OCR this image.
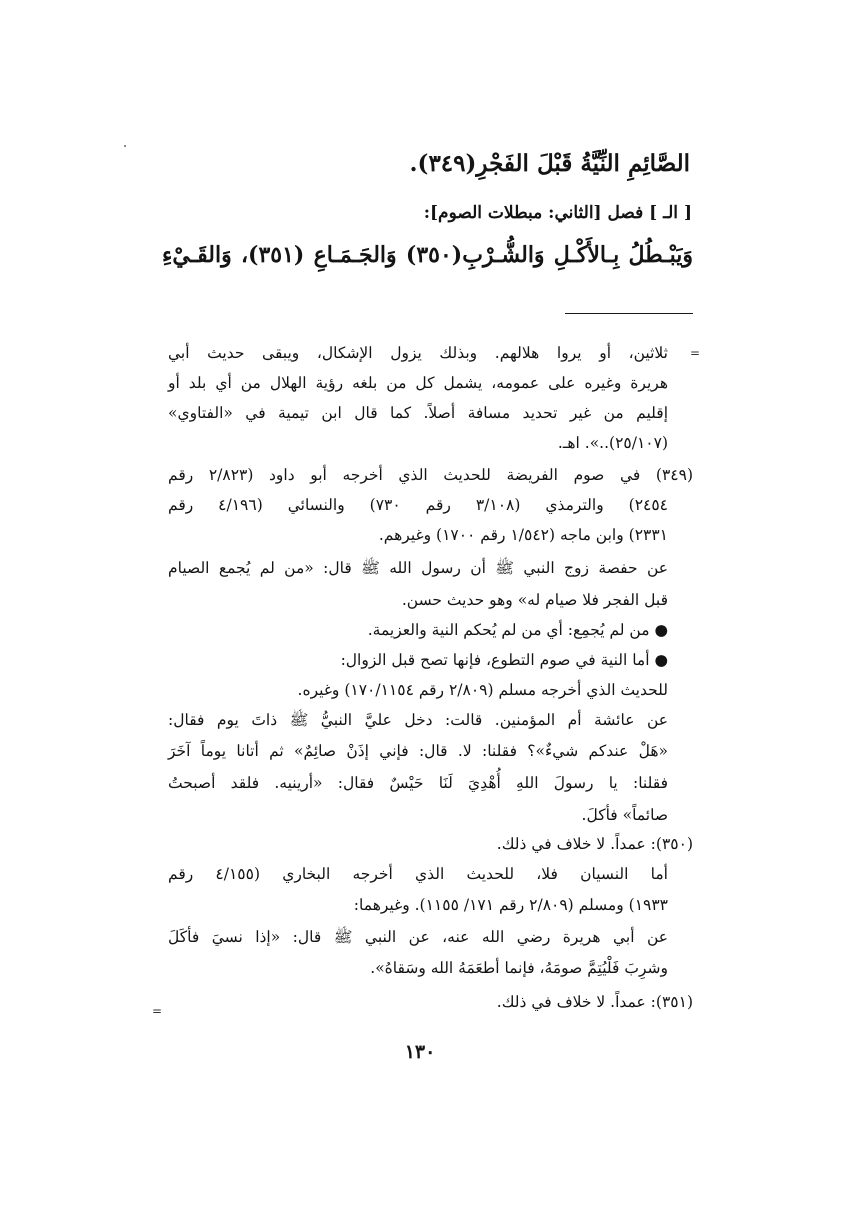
الصَّائِمِ النِّيَّةُ قَبْلَ الفَجْرِ(٣٤٩).
[ الـ ] فصل [الثاني: مبطلات الصوم]:
وَيَبْـطُلُ بِـالأَكْـلِ وَالشُّـرْبِ(٣٥٠) وَالجَـمَـاعِ (٣٥١)، وَالقَـيْءِ
=
=
ثلاثين، أو يروا هلالهم. وبذلك يزول الإشكال، ويبقى حديث أبي
هريرة وغيره على عمومه، يشمل كل من بلغه رؤية الهلال من أي بلد أو
إقليم من غير تحديد مسافة أصلاً. كما قال ابن تيمية في «الفتاوي»
(٢٥/١٠٧)..». اهـ.
(٣٤٩) في صوم الفريضة للحديث الذي أخرجه أبو داود (٢/٨٢٣ رقم
٢٤٥٤) والترمذي (٣/١٠٨ رقم ٧٣٠) والنسائي (٤/١٩٦ رقم
٢٣٣١) وابن ماجه (١/٥٤٢ رقم ١٧٠٠) وغيرهم.
عن حفصة زوج النبي ﷺ أن رسول الله ﷺ قال: «من لم يُجمع الصيام
قبل الفجر فلا صيام له» وهو حديث حسن.
● من لم يُجمِع: أي من لم يُحكم النية والعزيمة.
● أما النية في صوم التطوع، فإنها تصح قبل الزوال:
للحديث الذي أخرجه مسلم (٢/٨٠٩ رقم ١٧٠/١١٥٤) وغيره.
عن عائشة أم المؤمنين. قالت: دخل عليَّ النبيُّ ﷺ ذاتَ يوم فقال:
«هَلْ عندكم شيءٌ»؟ فقلنا: لا. قال: فإني إذَنْ صائِمٌ» ثم أتانا يوماً آخَرَ
فقلنا: يا رسولَ اللهِ أُهْدِيَ لَنَا حَيْسٌ فقال: «أرينيه. فلقد أصبحتُ
صائماً» فأكلَ.
(٣٥٠): عمداً. لا خلاف في ذلك.
أما النسيان فلا، للحديث الذي أخرجه البخاري (٤/١٥٥ رقم
١٩٣٣) ومسلم (٢/٨٠٩ رقم ١٧١/ ١١٥٥). وغيرهما:
عن أبي هريرة رضي الله عنه، عن النبي ﷺ قال: «إذا نسيَ فأكَلَ
وشرِبَ فَلْيُتِمَّ صومَهُ، فإنما أطعَمَهُ الله وسَقاهُ».
(٣٥١): عمداً. لا خلاف في ذلك.
١٣٠
